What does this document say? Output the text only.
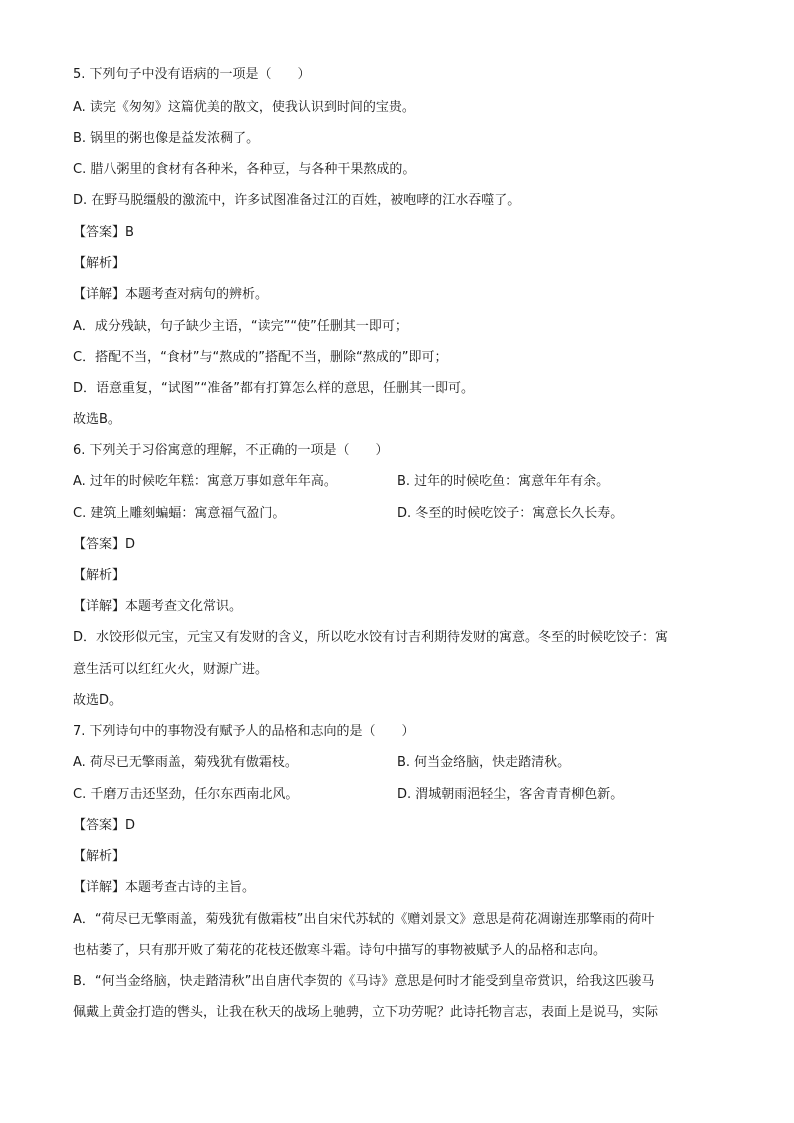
5. 下列句子中没有语病的一项是（　　）
A. 读完《匆匆》这篇优美的散文，使我认识到时间的宝贵。
B. 锅里的粥也像是益发浓稠了。
C. 腊八粥里的食材有各种米，各种豆，与各种干果熬成的。
D. 在野马脱缰般的激流中，许多试图准备过江的百姓，被咆哮的江水吞噬了。
【答案】B
【解析】
【详解】本题考查对病句的辨析。
A．成分残缺，句子缺少主语，“读完”“使”任删其一即可；
C．搭配不当，“食材”与“熬成的”搭配不当，删除“熬成的”即可；
D．语意重复，“试图”“准备”都有打算怎么样的意思，任删其一即可。
故选B。
6. 下列关于习俗寓意的理解，不正确的一项是（　　）
A. 过年的时候吃年糕：寓意万事如意年年高。	B. 过年的时候吃鱼：寓意年年有余。
C. 建筑上雕刻蝙蝠：寓意福气盈门。	D. 冬至的时候吃饺子：寓意长久长寿。
【答案】D
【解析】
【详解】本题考查文化常识。
D．水饺形似元宝，元宝又有发财的含义，所以吃水饺有讨吉利期待发财的寓意。冬至的时候吃饺子：寓
意生活可以红红火火，财源广进。
故选D。
7. 下列诗句中的事物没有赋予人的品格和志向的是（　　）
A. 荷尽已无擎雨盖，菊残犹有傲霜枝。	B. 何当金络脑，快走踏清秋。
C. 千磨万击还坚劲，任尔东西南北风。	D. 渭城朝雨浥轻尘，客舍青青柳色新。
【答案】D
【解析】
【详解】本题考查古诗的主旨。
A．“荷尽已无擎雨盖，菊残犹有傲霜枝”出自宋代苏轼的《赠刘景文》意思是荷花凋谢连那擎雨的荷叶
也枯萎了，只有那开败了菊花的花枝还傲寒斗霜。诗句中描写的事物被赋予人的品格和志向。
B．“何当金络脑，快走踏清秋”出自唐代李贺的《马诗》意思是何时才能受到皇帝赏识，给我这匹骏马
佩戴上黄金打造的辔头，让我在秋天的战场上驰骋，立下功劳呢？此诗托物言志，表面上是说马，实际
